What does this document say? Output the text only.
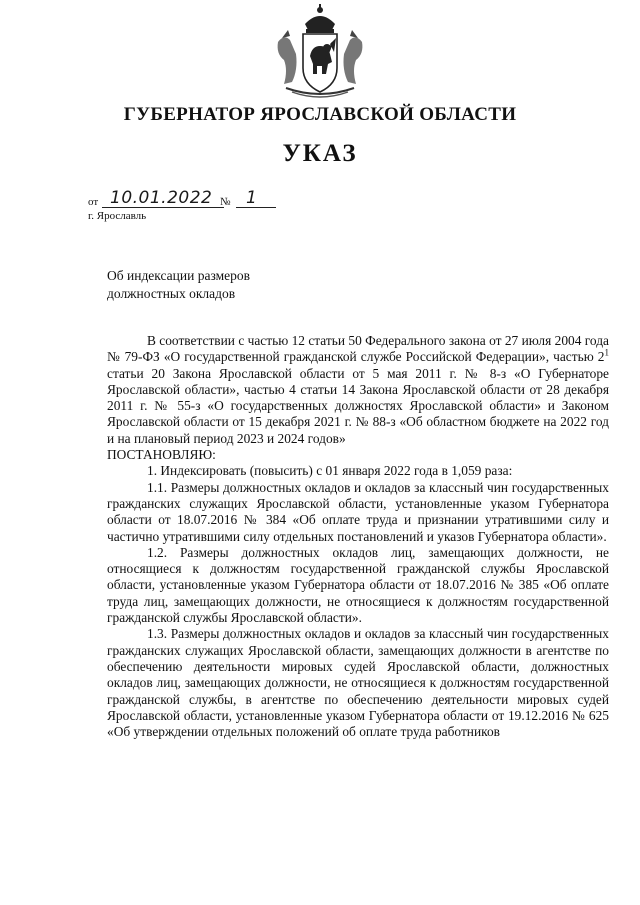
ГУБЕРНАТОР ЯРОСЛАВСКОЙ ОБЛАСТИ
УКАЗ
от 10.01.2022 № 1
г. Ярославль
Об индексации размеров
должностных окладов

В соответствии с частью 12 статьи 50 Федерального закона от 27 июля 2004 года № 79-ФЗ «О государственной гражданской службе Российской Федерации», частью $2^1$ статьи 20 Закона Ярославской области от 5 мая 2011 г. № 8-з «О Губернаторе Ярославской области», частью 4 статьи 14 Закона Ярославской области от 28 декабря 2011 г. № 55-з «О государственных должностях Ярославской области» и Законом Ярославской области от 15 декабря 2021 г. № 88-з «Об областном бюджете на 2022 год и на плановый период 2023 и 2024 годов»

ПОСТАНОВЛЯЮ:

1. Индексировать (повысить) с 01 января 2022 года в 1,059 раза:

1.1. Размеры должностных окладов и окладов за классный чин государственных гражданских служащих Ярославской области, установленные указом Губернатора области от 18.07.2016 № 384 «Об оплате труда и признании утратившими силу и частично утратившими силу отдельных постановлений и указов Губернатора области».

1.2. Размеры должностных окладов лиц, замещающих должности, не относящиеся к должностям государственной гражданской службы Ярославской области, установленные указом Губернатора области от 18.07.2016 № 385 «Об оплате труда лиц, замещающих должности, не относящиеся к должностям государственной гражданской службы Ярославской области».

1.3. Размеры должностных окладов и окладов за классный чин государственных гражданских служащих Ярославской области, замещающих должности в агентстве по обеспечению деятельности мировых судей Ярославской области, должностных окладов лиц, замещающих должности, не относящиеся к должностям государственной гражданской службы, в агентстве по обеспечению деятельности мировых судей Ярославской области, установленные указом Губернатора области от 19.12.2016 № 625 «Об утверждении отдельных положений об оплате труда работников
